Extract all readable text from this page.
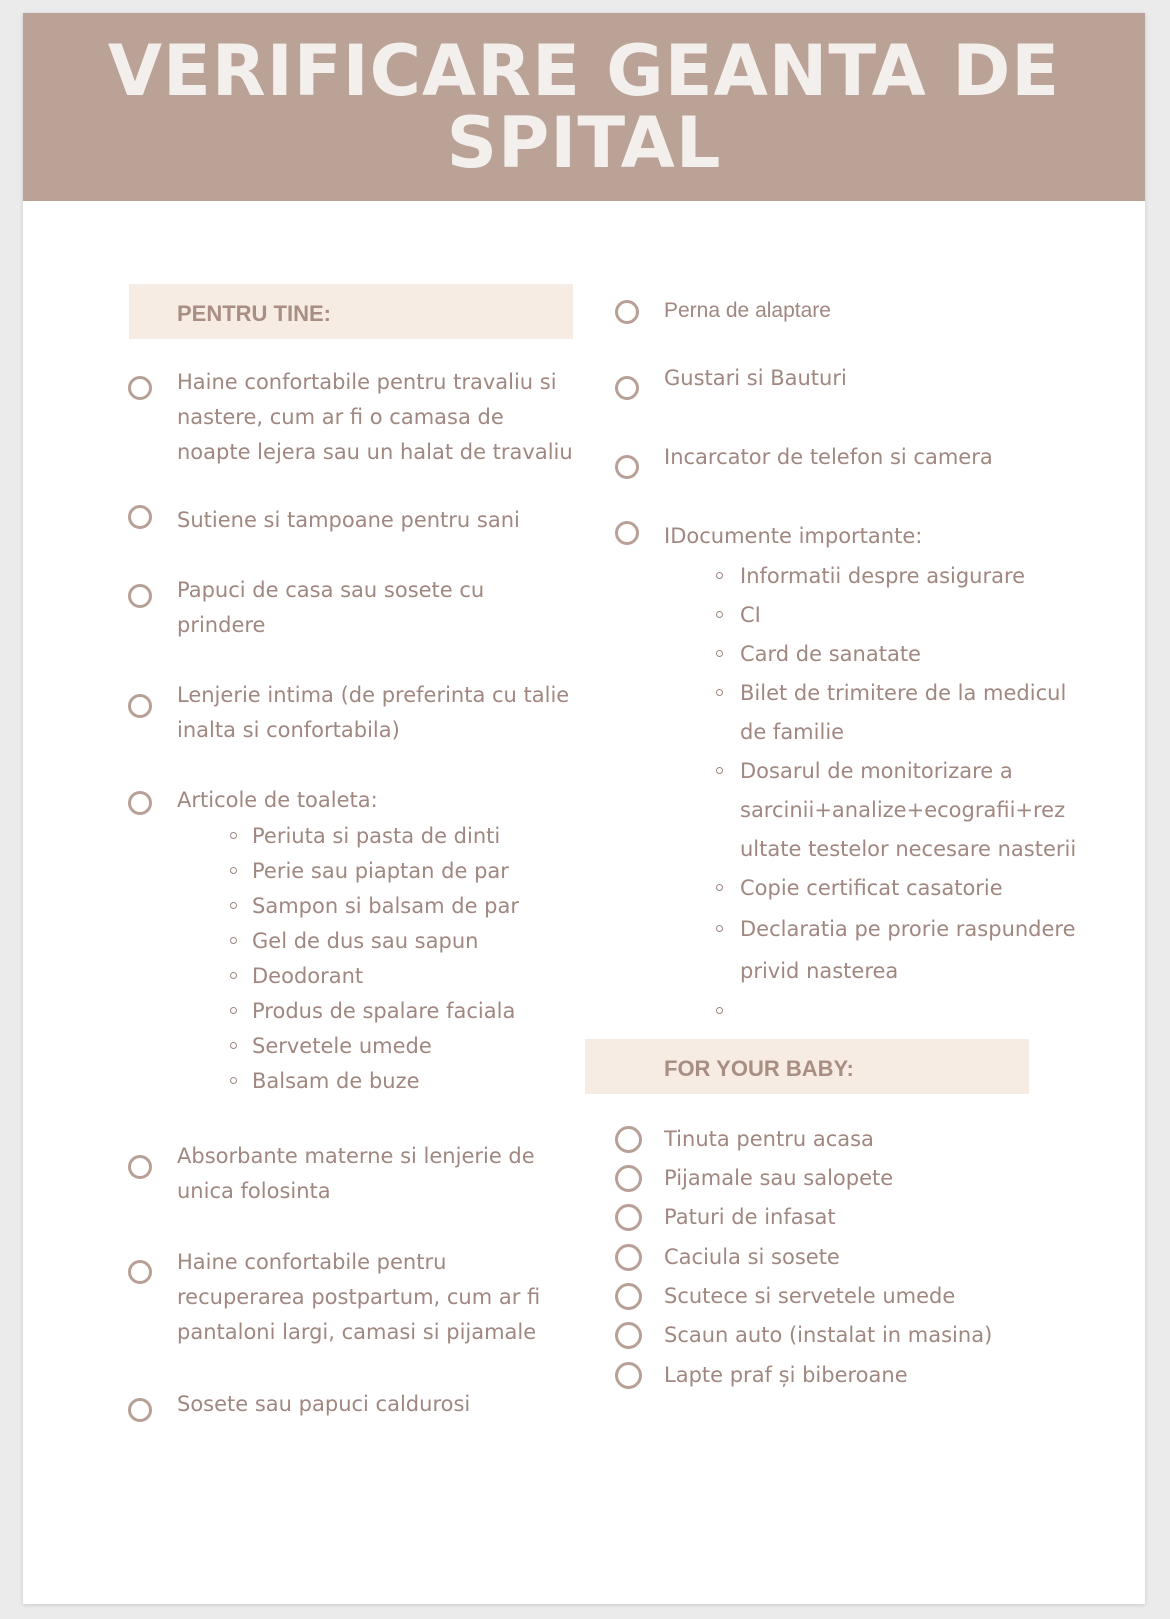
VERIFICARE GEANTA DE
SPITAL
PENTRU TINE:
Haine confortabile pentru travaliu si
nastere, cum ar fi o camasa de
noapte lejera sau un halat de travaliu
Sutiene si tampoane pentru sani
Papuci de casa sau sosete cu
prindere
Lenjerie intima (de preferinta cu talie
inalta si confortabila)
Articole de toaleta:
Periuta si pasta de dinti
Perie sau piaptan de par
Sampon si balsam de par
Gel de dus sau sapun
Deodorant
Produs de spalare faciala
Servetele umede
Balsam de buze
Absorbante materne si lenjerie de
unica folosinta
Haine confortabile pentru
recuperarea postpartum, cum ar fi
pantaloni largi, camasi si pijamale
Sosete sau papuci caldurosi
Perna de alaptare
Gustari si Bauturi
Incarcator de telefon si camera
IDocumente importante:
Informatii despre asigurare
CI
Card de sanatate
Bilet de trimitere de la medicul
de familie
Dosarul de monitorizare a
sarcinii+analize+ecografii+rez
ultate testelor necesare nasterii
Copie certificat casatorie
Declaratia pe prorie raspundere
privid nasterea
FOR YOUR BABY:
Tinuta pentru acasa
Pijamale sau salopete
Paturi de infasat
Caciula si sosete
Scutece si servetele umede
Scaun auto (instalat in masina)
Lapte praf și biberoane
